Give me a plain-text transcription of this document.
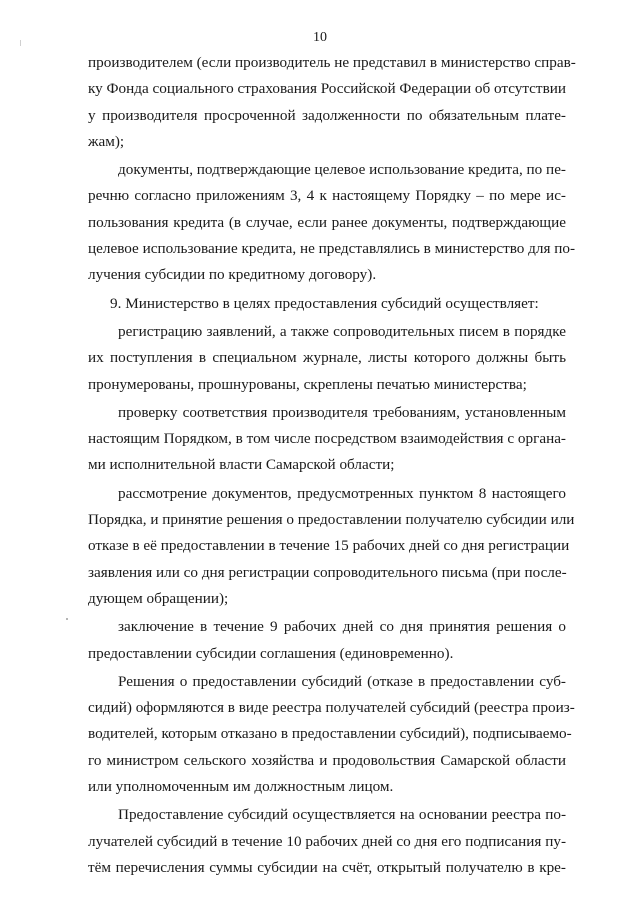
10
производителем (если производитель не представил в министерство справ-
ку Фонда социального страхования Российской Федерации об отсутствии
у производителя просроченной задолженности по обязательным плате-
жам);
документы, подтверждающие целевое использование кредита, по пе-
речню согласно приложениям 3, 4 к настоящему Порядку – по мере ис-
пользования кредита (в случае, если ранее документы, подтверждающие
целевое использование кредита, не представлялись в министерство для по-
лучения субсидии по кредитному договору).
9. Министерство в целях предоставления субсидий осуществляет:
регистрацию заявлений, а также сопроводительных писем в порядке
их поступления в специальном журнале, листы которого должны быть
пронумерованы, прошнурованы, скреплены печатью министерства;
проверку соответствия производителя требованиям, установленным
настоящим Порядком, в том числе посредством взаимодействия с органа-
ми исполнительной власти Самарской области;
рассмотрение документов, предусмотренных пунктом 8 настоящего
Порядка, и принятие решения о предоставлении получателю субсидии или
отказе в её предоставлении в течение 15 рабочих дней со дня регистрации
заявления или со дня регистрации сопроводительного письма (при после-
дующем обращении);
заключение в течение 9 рабочих дней со дня принятия решения о
предоставлении субсидии соглашения (единовременно).
Решения о предоставлении субсидий (отказе в предоставлении суб-
сидий) оформляются в виде реестра получателей субсидий (реестра произ-
водителей, которым отказано в предоставлении субсидий), подписываемо-
го министром сельского хозяйства и продовольствия Самарской области
или уполномоченным им должностным лицом.
Предоставление субсидий осуществляется на основании реестра по-
лучателей субсидий в течение 10 рабочих дней со дня его подписания пу-
тём перечисления суммы субсидии на счёт, открытый получателю в кре-
